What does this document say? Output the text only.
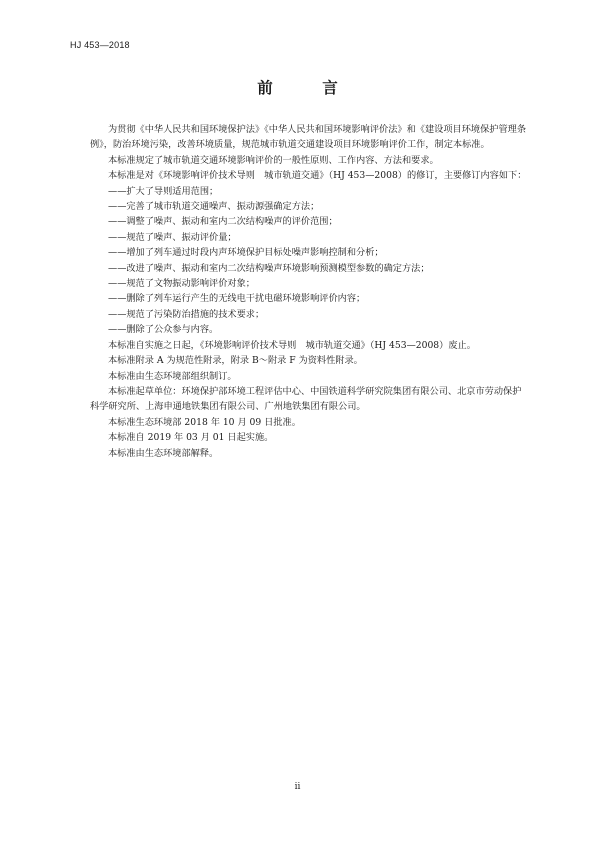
HJ 453—2018
前 言

为贯彻《中华人民共和国环境保护法》《中华人民共和国环境影响评价法》和《建设项目环境保护管理条例》，防治环境污染，改善环境质量，规范城市轨道交通建设项目环境影响评价工作，制定本标准。

本标准规定了城市轨道交通环境影响评价的一般性原则、工作内容、方法和要求。

本标准是对《环境影响评价技术导则　城市轨道交通》（HJ 453—2008）的修订，主要修订内容如下：

——扩大了导则适用范围；

——完善了城市轨道交通噪声、振动源强确定方法；

——调整了噪声、振动和室内二次结构噪声的评价范围；

——规范了噪声、振动评价量；

——增加了列车通过时段内声环境保护目标处噪声影响控制和分析；

——改进了噪声、振动和室内二次结构噪声环境影响预测模型参数的确定方法；

——规范了文物振动影响评价对象；

——删除了列车运行产生的无线电干扰电磁环境影响评价内容；

——规范了污染防治措施的技术要求；

——删除了公众参与内容。

本标准自实施之日起，《环境影响评价技术导则　城市轨道交通》（HJ 453—2008）废止。

本标准附录 A 为规范性附录，附录 B～附录 F 为资料性附录。

本标准由生态环境部组织制订。

本标准起草单位：环境保护部环境工程评估中心、中国铁道科学研究院集团有限公司、北京市劳动保护科学研究所、上海申通地铁集团有限公司、广州地铁集团有限公司。

本标准生态环境部 2018 年 10 月 09 日批准。

本标准自 2019 年 03 月 01 日起实施。

本标准由生态环境部解释。

ii
